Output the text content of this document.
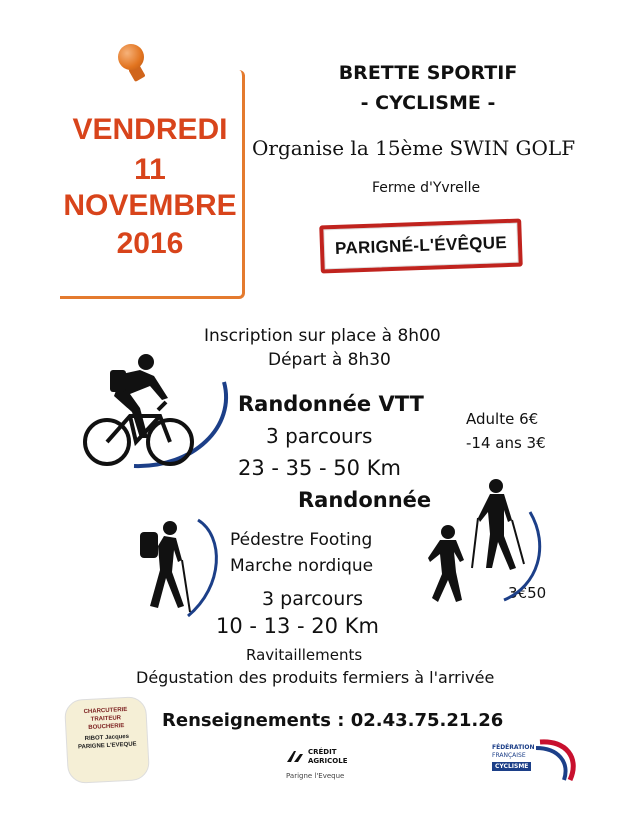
VENDREDI
11
NOVEMBRE
2016
BRETTE SPORTIF
- CYCLISME -
Organise la 15ème SWIN GOLF
Ferme d'Yvrelle
PARIGNÉ-L'ÉVÊQUE
Inscription sur place à 8h00
Départ à 8h30
Randonnée VTT
3 parcours
23 - 35 - 50 Km
Adulte 6€
-14 ans 3€
3€50
Randonnée
Pédestre Footing
Marche nordique
3 parcours
10 - 13 - 20 Km
Ravitaillements
Dégustation des produits fermiers à l'arrivée
Renseignements : 02.43.75.21.26
CHARCUTERIE
TRAITEUR
BOUCHERIE
RIBOT Jacques
PARIGNE L'EVEQUE
CRÉDIT
AGRICOLE
Parigne l'Eveque
FÉDÉRATION
FRANÇAISE
CYCLISME
